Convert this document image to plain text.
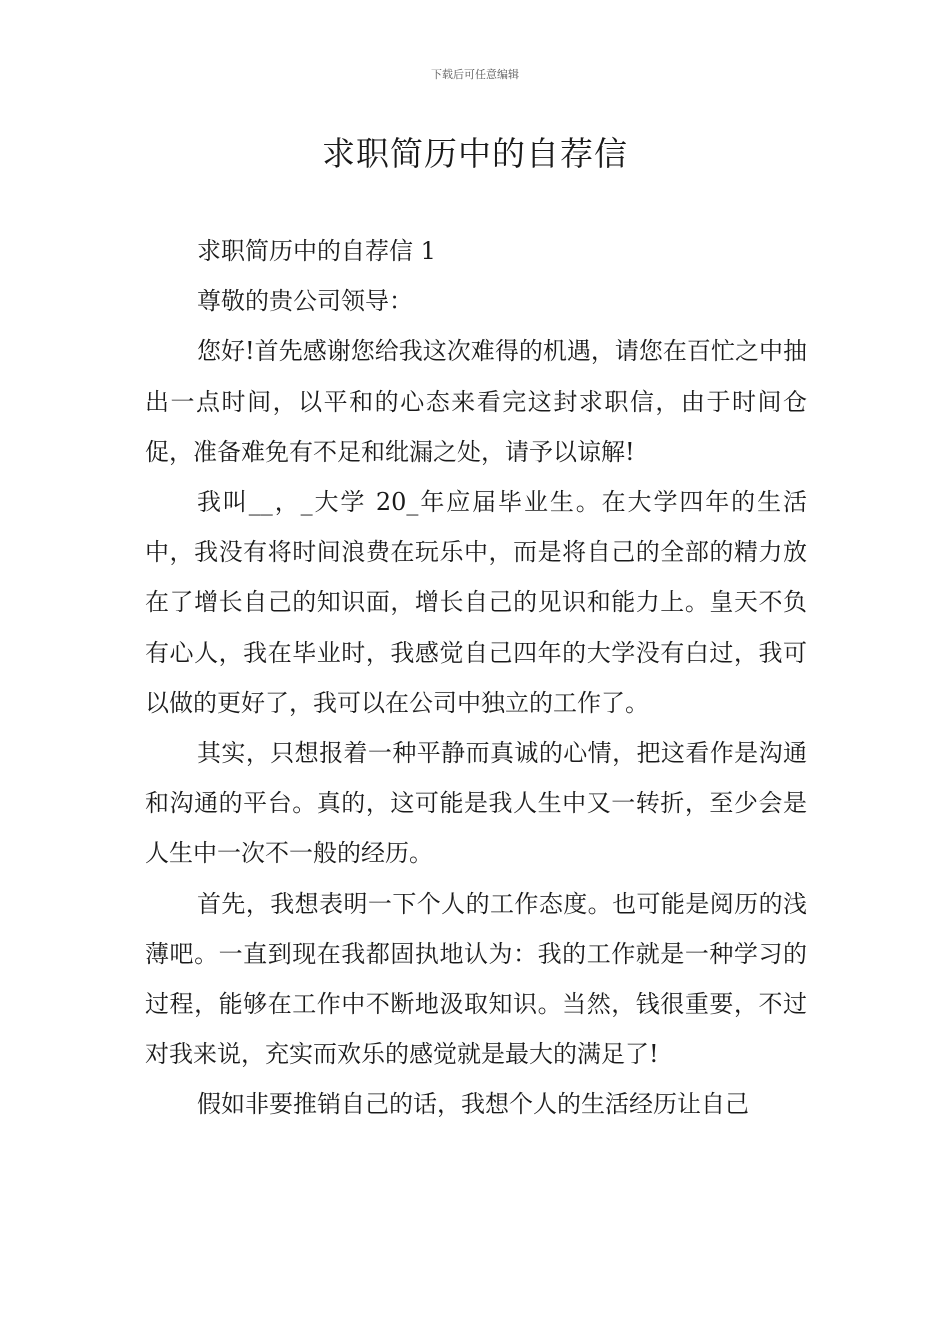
下载后可任意编辑
求职简历中的自荐信

求职简历中的自荐信 1

尊敬的贵公司领导：

您好!首先感谢您给我这次难得的机遇，请您在百忙之中抽出一点时间，以平和的心态来看完这封求职信，由于时间仓促，准备难免有不足和纰漏之处，请予以谅解!

我叫__，_大学 20_年应届毕业生。在大学四年的生活中，我没有将时间浪费在玩乐中，而是将自己的全部的精力放在了增长自己的知识面，增长自己的见识和能力上。皇天不负有心人，我在毕业时，我感觉自己四年的大学没有白过，我可以做的更好了，我可以在公司中独立的工作了。

其实，只想报着一种平静而真诚的心情，把这看作是沟通和沟通的平台。真的，这可能是我人生中又一转折，至少会是人生中一次不一般的经历。

首先，我想表明一下个人的工作态度。也可能是阅历的浅薄吧。一直到现在我都固执地认为：我的工作就是一种学习的过程，能够在工作中不断地汲取知识。当然，钱很重要，不过对我来说，充实而欢乐的感觉就是最大的满足了!

假如非要推销自己的话，我想个人的生活经历让自己
